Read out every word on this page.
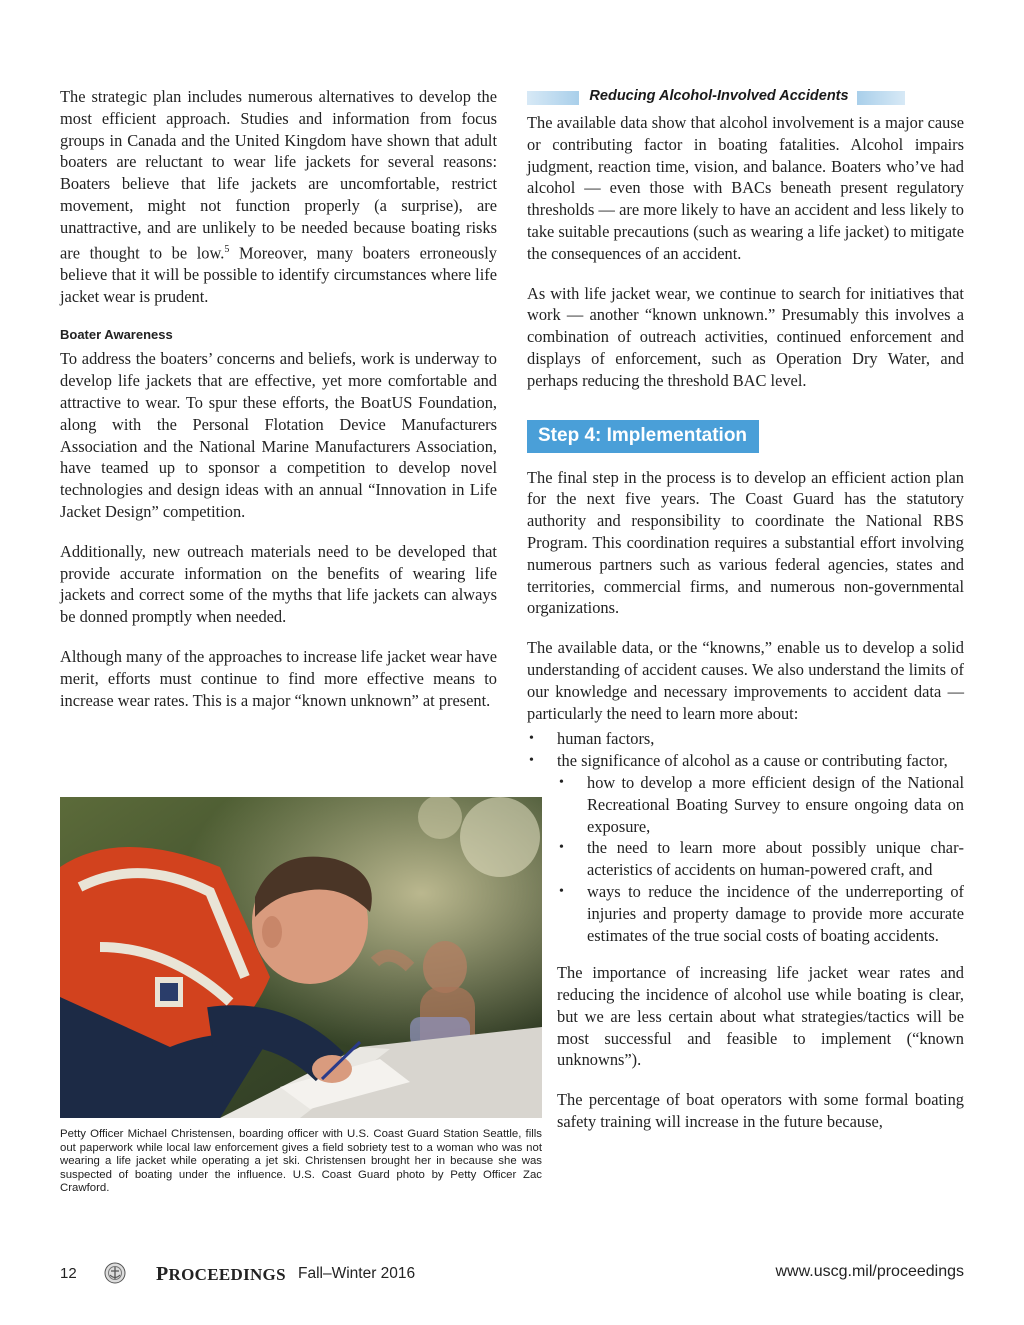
The strategic plan includes numerous alternatives to develop the most efficient approach. Studies and information from focus groups in Canada and the United Kingdom have shown that adult boaters are reluctant to wear life jackets for several reasons: Boaters believe that life jackets are uncomfortable, restrict movement, might not function properly (a surprise), are unattractive, and are unlikely to be needed because boating risks are thought to be low.$^5$ Moreover, many boaters erroneously believe that it will be possible to identify circumstances where life jacket wear is prudent.

Boater Awareness

To address the boaters’ concerns and beliefs, work is underway to develop life jackets that are effective, yet more comfortable and attractive to wear. To spur these efforts, the BoatUS Foundation, along with the Personal Flotation Device Manufacturers Association and the National Marine Manufacturers Association, have teamed up to sponsor a competition to develop novel technologies and design ideas with an annual “Innovation in Life Jacket Design” competition.

Additionally, new outreach materials need to be developed that provide accurate information on the benefits of wearing life jackets and correct some of the myths that life jackets can always be donned promptly when needed.

Although many of the approaches to increase life jacket wear have merit, efforts must continue to find more effective means to increase wear rates. This is a major “known unknown” at present.

Petty Officer Michael Christensen, boarding officer with U.S. Coast Guard Station Seattle, fills out paperwork while local law enforcement gives a field sobriety test to a woman who was not wearing a life jacket while operating a jet ski. Christensen brought her in because she was suspected of boating under the influence. U.S. Coast Guard photo by Petty Officer Zac Crawford.
Reducing Alcohol-Involved Accidents

The available data show that alcohol involvement is a major cause or contributing factor in boating fatalities. Alcohol impairs judgment, reaction time, vision, and balance. Boaters who’ve had alcohol — even those with BACs beneath present regulatory thresholds — are more likely to have an accident and less likely to take suitable precautions (such as wearing a life jacket) to mitigate the consequences of an accident.

As with life jacket wear, we continue to search for initiatives that work — another “known unknown.” Presumably this involves a combination of outreach activities, continued enforcement and displays of enforcement, such as Operation Dry Water, and perhaps reducing the threshold BAC level.

Step 4: Implementation

The final step in the process is to develop an efficient action plan for the next five years. The Coast Guard has the statutory authority and responsibility to coordinate the National RBS Program. This coordination requires a substantial effort involving numerous partners such as various federal agencies, states and territories, commercial firms, and numerous non-governmental organizations.

The available data, or the “knowns,” enable us to develop a solid understanding of accident causes. We also understand the limits of our knowledge and necessary improvements to accident data — particularly the need to learn more about:

• human factors,
• the significance of alcohol as a cause or contributing factor,
• how to develop a more efficient design of the National Recreational Boating Survey to ensure ongoing data on exposure,
• the need to learn more about possibly unique characteristics of accidents on human-powered craft, and
• ways to reduce the incidence of the underreporting of injuries and property damage to provide more accurate estimates of the true social costs of boating accidents.

The importance of increasing life jacket wear rates and reducing the incidence of alcohol use while boating is clear, but we are less certain about what strategies/tactics will be most successful and feasible to implement (“known unknowns”).

The percentage of boat operators with some formal boating safety training will increase in the future because,

12	PROCEEDINGS Fall–Winter 2016	www.uscg.mil/proceedings
